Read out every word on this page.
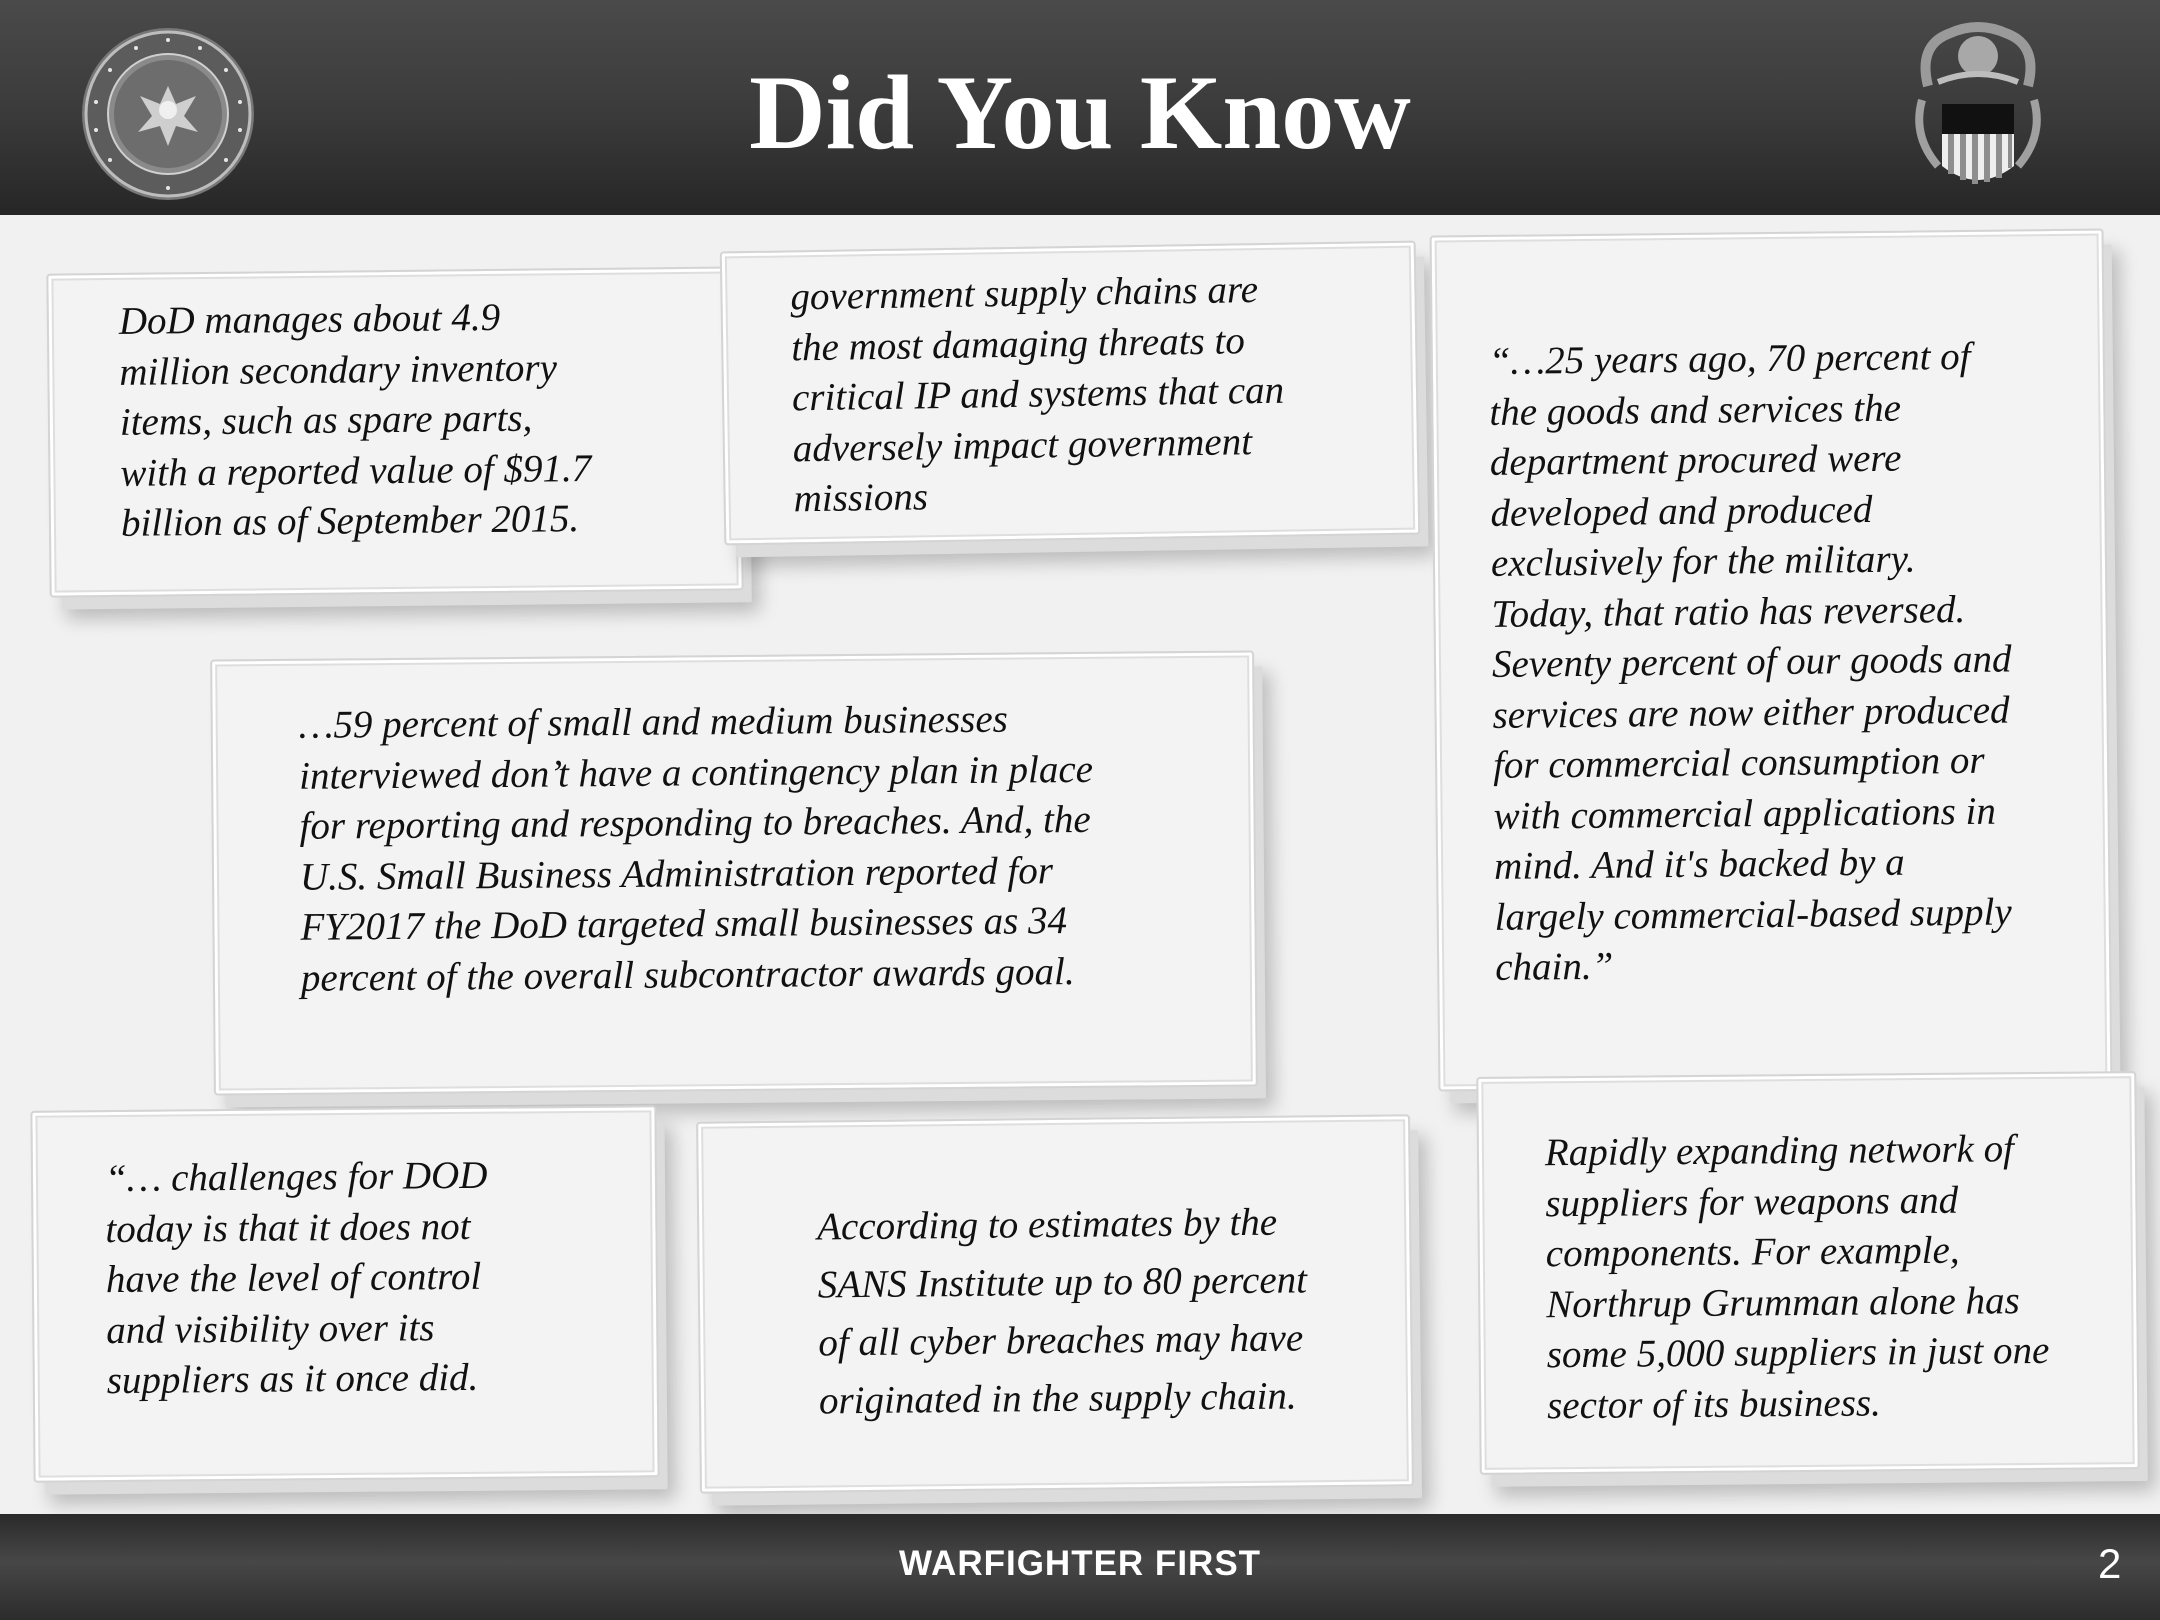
Did You Know

DoD manages about 4.9
million secondary inventory
items, such as spare parts,
with a reported value of $91.7
billion as of September 2015.

government supply chains are
the most damaging threats to
critical IP and systems that can
adversely impact government
missions

“…25 years ago, 70 percent of
the goods and services the
department procured were
developed and produced
exclusively for the military.
Today, that ratio has reversed.
Seventy percent of our goods and
services are now either produced
for commercial consumption or
with commercial applications in
mind. And it's backed by a
largely commercial-based supply
chain.”

…59 percent of small and medium businesses
interviewed don’t have a contingency plan in place
for reporting and responding to breaches. And, the
U.S. Small Business Administration reported for
FY2017 the DoD targeted small businesses as 34
percent of the overall subcontractor awards goal.

“… challenges for DOD
today is that it does not
have the level of control
and visibility over its
suppliers as it once did.

According to estimates by the
SANS Institute up to 80 percent
of all cyber breaches may have
originated in the supply chain.

Rapidly expanding network of
suppliers for weapons and
components. For example,
Northrup Grumman alone has
some 5,000 suppliers in just one
sector of its business.

WARFIGHTER FIRST	2
